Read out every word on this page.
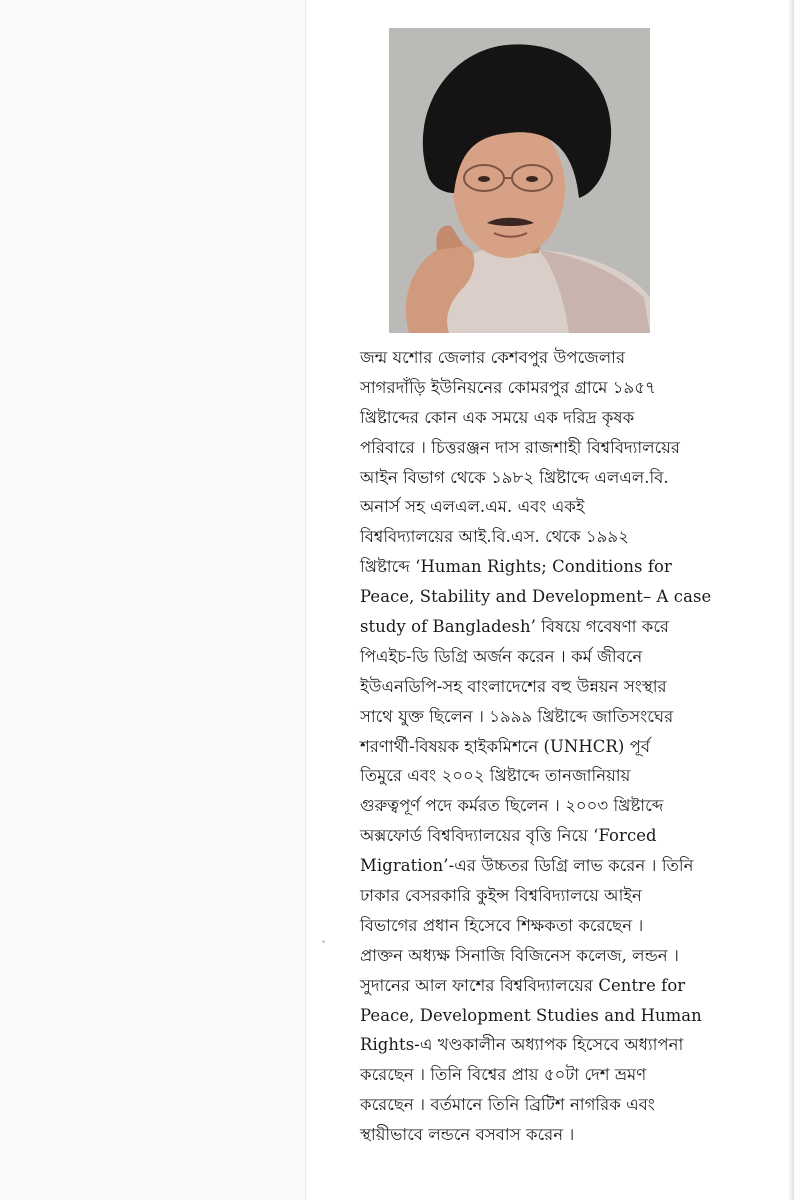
জন্ম যশোর জেলার কেশবপুর উপজেলার
সাগরদাঁড়ি ইউনিয়নের কোমরপুর গ্রামে ১৯৫৭
খ্রিষ্টাব্দের কোন এক সময়ে এক দরিদ্র কৃষক
পরিবারে । চিত্তরঞ্জন দাস রাজশাহী বিশ্ববিদ্যালয়ের
আইন বিভাগ থেকে ১৯৮২ খ্রিষ্টাব্দে এলএল.বি.
অনার্স সহ এলএল.এম. এবং একই
বিশ্ববিদ্যালয়ের আই.বি.এস. থেকে ১৯৯২
খ্রিষ্টাব্দে ‘Human Rights; Conditions for
Peace, Stability and Development– A case
study of Bangladesh’ বিষয়ে গবেষণা করে
পিএইচ-ডি ডিগ্রি অর্জন করেন । কর্ম জীবনে
ইউএনডিপি-সহ বাংলাদেশের বহু উন্নয়ন সংস্থার
সাথে যুক্ত ছিলেন । ১৯৯৯ খ্রিষ্টাব্দে জাতিসংঘের
শরণার্থী-বিষয়ক হাইকমিশনে (UNHCR) পূর্ব
তিমুরে এবং ২০০২ খ্রিষ্টাব্দে তানজানিয়ায়
গুরুত্বপূর্ণ পদে কর্মরত ছিলেন । ২০০৩ খ্রিষ্টাব্দে
অক্সফোর্ড বিশ্ববিদ্যালয়ের বৃত্তি নিয়ে ‘Forced
Migration’-এর উচ্চতর ডিগ্রি লাভ করেন । তিনি
ঢাকার বেসরকারি কুইন্স বিশ্ববিদ্যালয়ে আইন
বিভাগের প্রধান হিসেবে শিক্ষকতা করেছেন ।
প্রাক্তন অধ্যক্ষ সিনাজি বিজিনেস কলেজ, লন্ডন ।
সুদানের আল ফাশের বিশ্ববিদ্যালয়ের Centre for
Peace, Development Studies and Human
Rights-এ খণ্ডকালীন অধ্যাপক হিসেবে অধ্যাপনা
করেছেন । তিনি বিশ্বের প্রায় ৫০টা দেশ ভ্রমণ
করেছেন । বর্তমানে তিনি ব্রিটিশ নাগরিক এবং
স্থায়ীভাবে লন্ডনে বসবাস করেন ।
